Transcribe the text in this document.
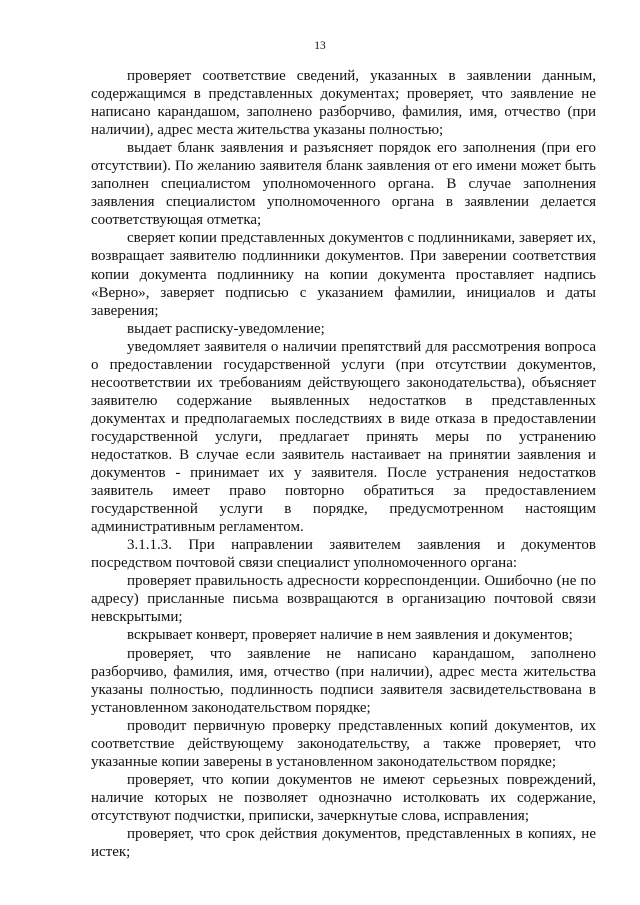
13

проверяет соответствие сведений, указанных в заявлении данным, содержащимся в представленных документах; проверяет, что заявление не написано карандашом, заполнено разборчиво, фамилия, имя, отчество (при наличии), адрес места жительства указаны полностью;

выдает бланк заявления и разъясняет порядок его заполнения (при его отсутствии). По желанию заявителя бланк заявления от его имени может быть заполнен специалистом уполномоченного органа. В случае заполнения заявления специалистом уполномоченного органа в заявлении делается соответствующая отметка;

сверяет копии представленных документов с подлинниками, заверяет их, возвращает заявителю подлинники документов. При заверении соответствия копии документа подлиннику на копии документа проставляет надпись «Верно», заверяет подписью с указанием фамилии, инициалов и даты заверения;

выдает расписку-уведомление;

уведомляет заявителя о наличии препятствий для рассмотрения вопроса о предоставлении государственной услуги (при отсутствии документов, несоответствии их требованиям действующего законодательства), объясняет заявителю содержание выявленных недостатков в представленных документах и предполагаемых последствиях в виде отказа в предоставлении государственной услуги, предлагает принять меры по устранению недостатков. В случае если заявитель настаивает на принятии заявления и документов - принимает их у заявителя. После устранения недостатков заявитель имеет право повторно обратиться за предоставлением государственной услуги в порядке, предусмотренном настоящим административным регламентом.

3.1.1.3. При направлении заявителем заявления и документов посредством почтовой связи специалист уполномоченного органа:

проверяет правильность адресности корреспонденции. Ошибочно (не по адресу) присланные письма возвращаются в организацию почтовой связи невскрытыми;

вскрывает конверт, проверяет наличие в нем заявления и документов;

проверяет, что заявление не написано карандашом, заполнено разборчиво, фамилия, имя, отчество (при наличии), адрес места жительства указаны полностью, подлинность подписи заявителя засвидетельствована в установленном законодательством порядке;

проводит первичную проверку представленных копий документов, их соответствие действующему законодательству, а также проверяет, что указанные копии заверены в установленном законодательством порядке;

проверяет, что копии документов не имеют серьезных повреждений, наличие которых не позволяет однозначно истолковать их содержание, отсутствуют подчистки, приписки, зачеркнутые слова, исправления;

проверяет, что срок действия документов, представленных в копиях, не истек;
